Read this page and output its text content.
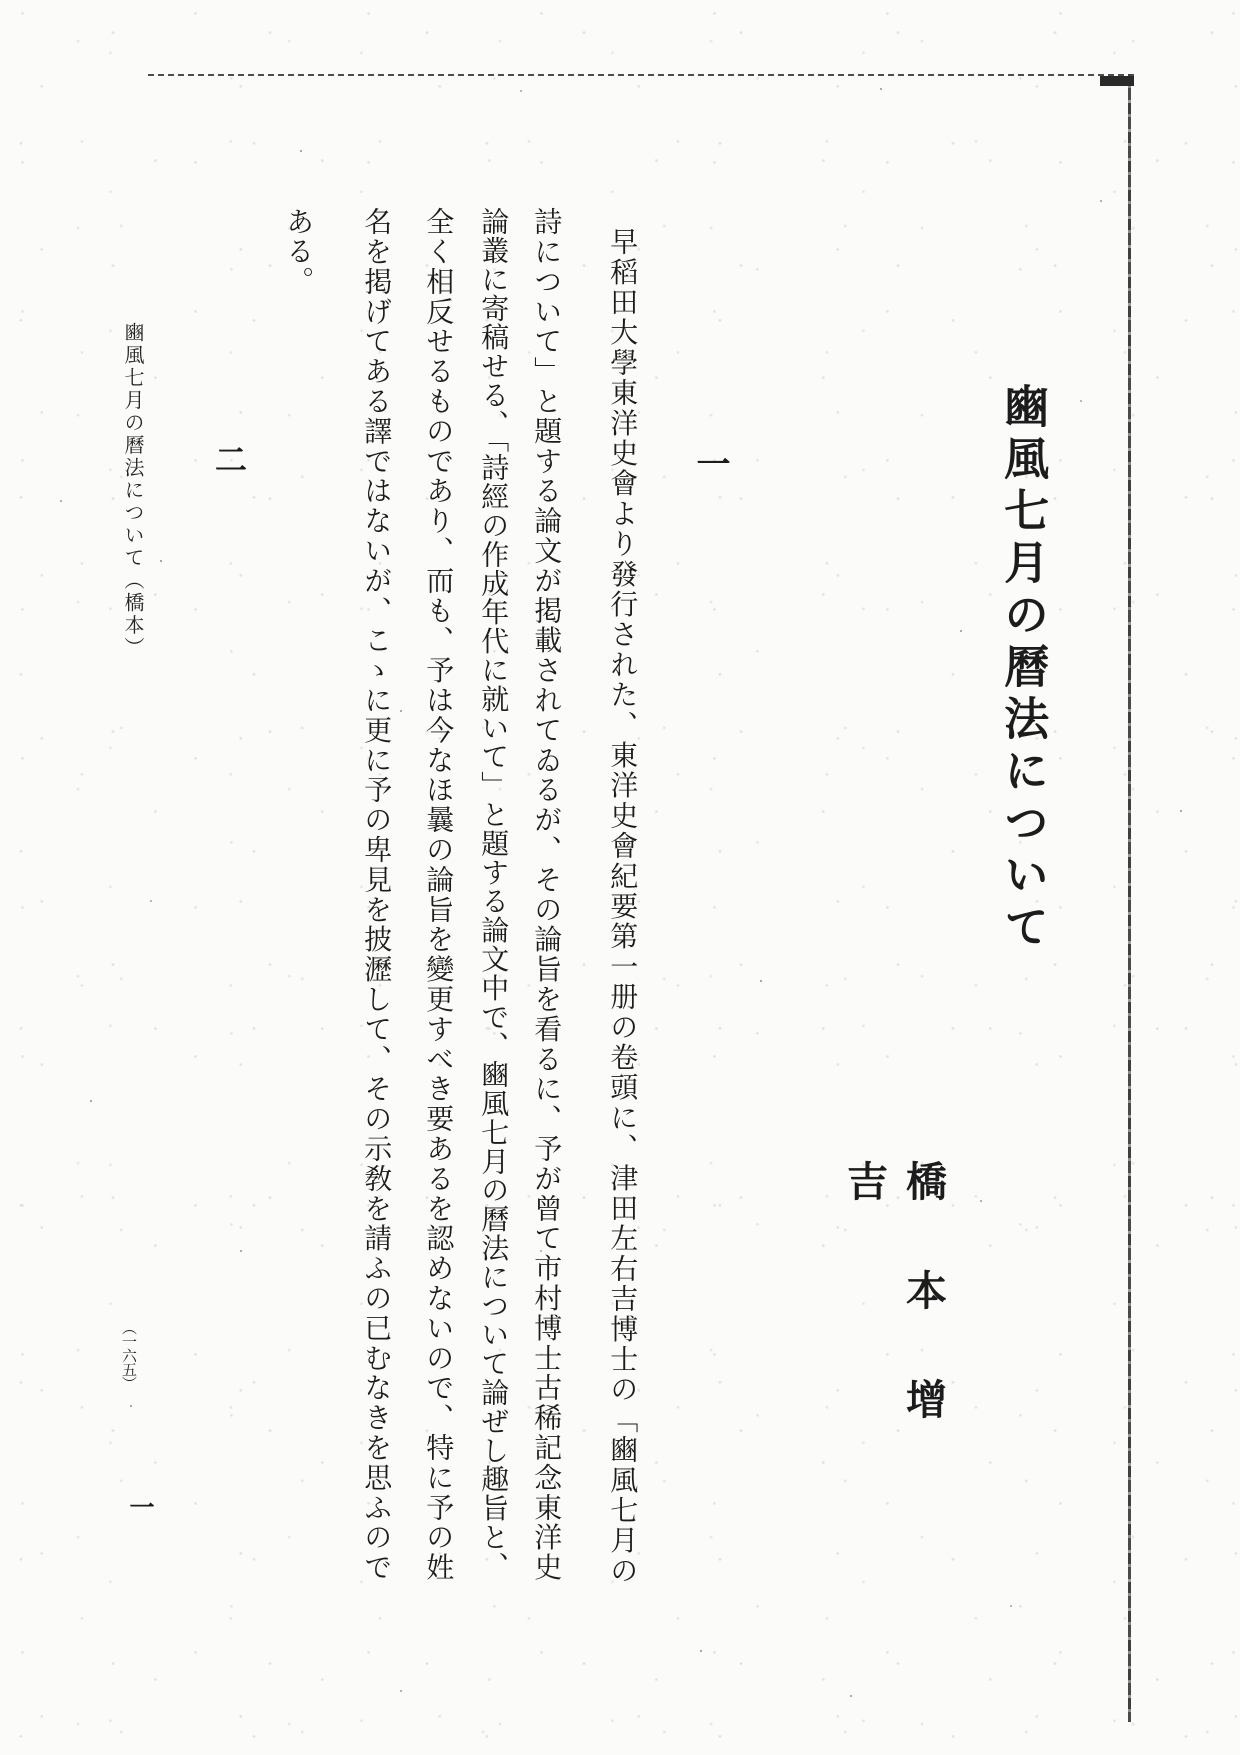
豳風七月の曆法について
橋本增吉
一
早稻田大學東洋史會より發行された、東洋史會紀要第一册の卷頭に、津田左右吉博士の「豳風七月の
詩について」と題する論文が掲載されてゐるが、その論旨を看るに、予が曾て市村博士古稀記念東洋史
論叢に寄稿せる、「詩經の作成年代に就いて」と題する論文中で、豳風七月の曆法について論ぜし趣旨と、
全く相反せるものであり、而も、予は今なほ曩の論旨を變更すべき要あるを認めないので、特に予の姓
名を掲げてある譯ではないが、こゝに更に予の卑見を披瀝して、その示敎を請ふの已むなきを思ふので
ある。
二
豳風七月の曆法について（橋本）
（一六五）
一
